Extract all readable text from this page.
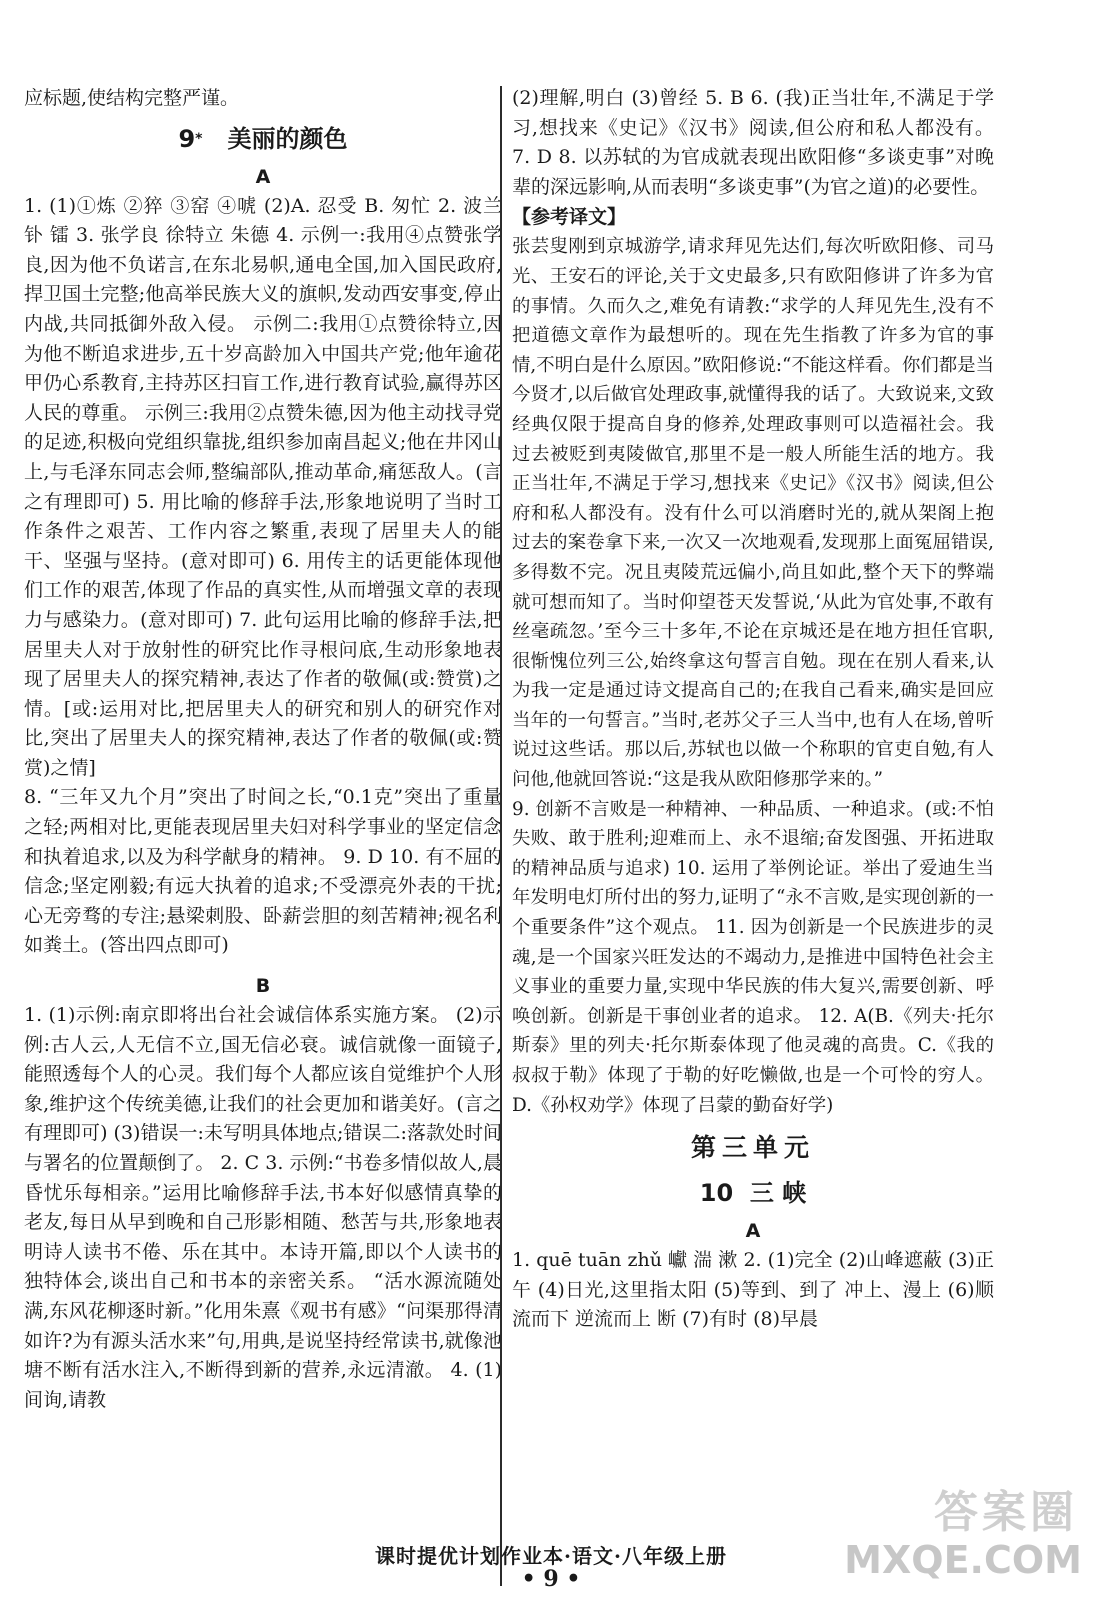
应标题,使结构完整严谨。

9* 美丽的颜色
A

1. (1)①炼 ②猝 ③窑 ④唬 (2)A. 忍受 B. 匆忙 2. 波兰 钋 镭 3. 张学良 徐特立 朱德 4. 示例一:我用④点赞张学良,因为他不负诺言,在东北易帜,通电全国,加入国民政府,捍卫国土完整;他高举民族大义的旗帜,发动西安事变,停止内战,共同抵御外敌入侵。 示例二:我用①点赞徐特立,因为他不断追求进步,五十岁高龄加入中国共产党;他年逾花甲仍心系教育,主持苏区扫盲工作,进行教育试验,赢得苏区人民的尊重。 示例三:我用②点赞朱德,因为他主动找寻党的足迹,积极向党组织靠拢,组织参加南昌起义;他在井冈山上,与毛泽东同志会师,整编部队,推动革命,痛惩敌人。(言之有理即可) 5. 用比喻的修辞手法,形象地说明了当时工作条件之艰苦、工作内容之繁重,表现了居里夫人的能干、坚强与坚持。(意对即可) 6. 用传主的话更能体现他们工作的艰苦,体现了作品的真实性,从而增强文章的表现力与感染力。(意对即可) 7. 此句运用比喻的修辞手法,把居里夫人对于放射性的研究比作寻根问底,生动形象地表现了居里夫人的探究精神,表达了作者的敬佩(或:赞赏)之情。[或:运用对比,把居里夫人的研究和别人的研究作对比,突出了居里夫人的探究精神,表达了作者的敬佩(或:赞赏)之情]

8. “三年又九个月”突出了时间之长,“0.1克”突出了重量之轻;两相对比,更能表现居里夫妇对科学事业的坚定信念和执着追求,以及为科学献身的精神。 9. D 10. 有不屈的信念;坚定刚毅;有远大执着的追求;不受漂亮外表的干扰;心无旁骛的专注;悬梁刺股、卧薪尝胆的刻苦精神;视名利如粪土。(答出四点即可)

B

1. (1)示例:南京即将出台社会诚信体系实施方案。 (2)示例:古人云,人无信不立,国无信必衰。诚信就像一面镜子,能照透每个人的心灵。我们每个人都应该自觉维护个人形象,维护这个传统美德,让我们的社会更加和谐美好。(言之有理即可) (3)错误一:未写明具体地点;错误二:落款处时间与署名的位置颠倒了。 2. C 3. 示例:“书卷多情似故人,晨昏忧乐每相亲。”运用比喻修辞手法,书本好似感情真挚的老友,每日从早到晚和自己形影相随、愁苦与共,形象地表明诗人读书不倦、乐在其中。本诗开篇,即以个人读书的独特体会,谈出自己和书本的亲密关系。 “活水源流随处满,东风花柳逐时新。”化用朱熹《观书有感》“问渠那得清如许?为有源头活水来”句,用典,是说坚持经常读书,就像池塘不断有活水注入,不断得到新的营养,永远清澈。 4. (1)间询,请教

(2)理解,明白 (3)曾经 5. B 6. (我)正当壮年,不满足于学习,想找来《史记》《汉书》阅读,但公府和私人都没有。 7. D 8. 以苏轼的为官成就表现出欧阳修“多谈吏事”对晚辈的深远影响,从而表明“多谈吏事”(为官之道)的必要性。

【参考译文】

张芸叟刚到京城游学,请求拜见先达们,每次听欧阳修、司马光、王安石的评论,关于文史最多,只有欧阳修讲了许多为官的事情。久而久之,难免有请教:“求学的人拜见先生,没有不把道德文章作为最想听的。现在先生指教了许多为官的事情,不明白是什么原因。”欧阳修说:“不能这样看。你们都是当今贤才,以后做官处理政事,就懂得我的话了。大致说来,文致经典仅限于提高自身的修养,处理政事则可以造福社会。我过去被贬到夷陵做官,那里不是一般人所能生活的地方。我正当壮年,不满足于学习,想找来《史记》《汉书》阅读,但公府和私人都没有。没有什么可以消磨时光的,就从架阁上抱过去的案卷拿下来,一次又一次地观看,发现那上面冤屈错误,多得数不完。况且夷陵荒远偏小,尚且如此,整个天下的弊端就可想而知了。当时仰望苍天发誓说,‘从此为官处事,不敢有丝毫疏忽。’至今三十多年,不论在京城还是在地方担任官职,很惭愧位列三公,始终拿这句誓言自勉。现在在别人看来,认为我一定是通过诗文提高自己的;在我自己看来,确实是回应当年的一句誓言。”当时,老苏父子三人当中,也有人在场,曾听说过这些话。那以后,苏轼也以做一个称职的官吏自勉,有人问他,他就回答说:“这是我从欧阳修那学来的。”

9. 创新不言败是一种精神、一种品质、一种追求。(或:不怕失败、敢于胜利;迎难而上、永不退缩;奋发图强、开拓进取的精神品质与追求) 10. 运用了举例论证。举出了爱迪生当年发明电灯所付出的努力,证明了“永不言败,是实现创新的一个重要条件”这个观点。 11. 因为创新是一个民族进步的灵魂,是一个国家兴旺发达的不竭动力,是推进中国特色社会主义事业的重要力量,实现中华民族的伟大复兴,需要创新、呼唤创新。创新是干事创业者的追求。 12. A(B.《列夫·托尔斯泰》里的列夫·托尔斯泰体现了他灵魂的高贵。C.《我的叔叔于勒》体现了于勒的好吃懒做,也是一个可怜的穷人。D.《孙权劝学》体现了吕蒙的勤奋好学)

第三单元
10 三 峡
A

1. quē tuān zhǔ 巘 湍 漱 2. (1)完全 (2)山峰遮蔽 (3)正午 (4)日光,这里指太阳 (5)等到、到了 冲上、漫上 (6)顺流而下 逆流而上 断 (7)有时 (8)早晨

课时提优计划作业本·语文·八年级上册
• 9 •
答案圈
MXQE.COM
